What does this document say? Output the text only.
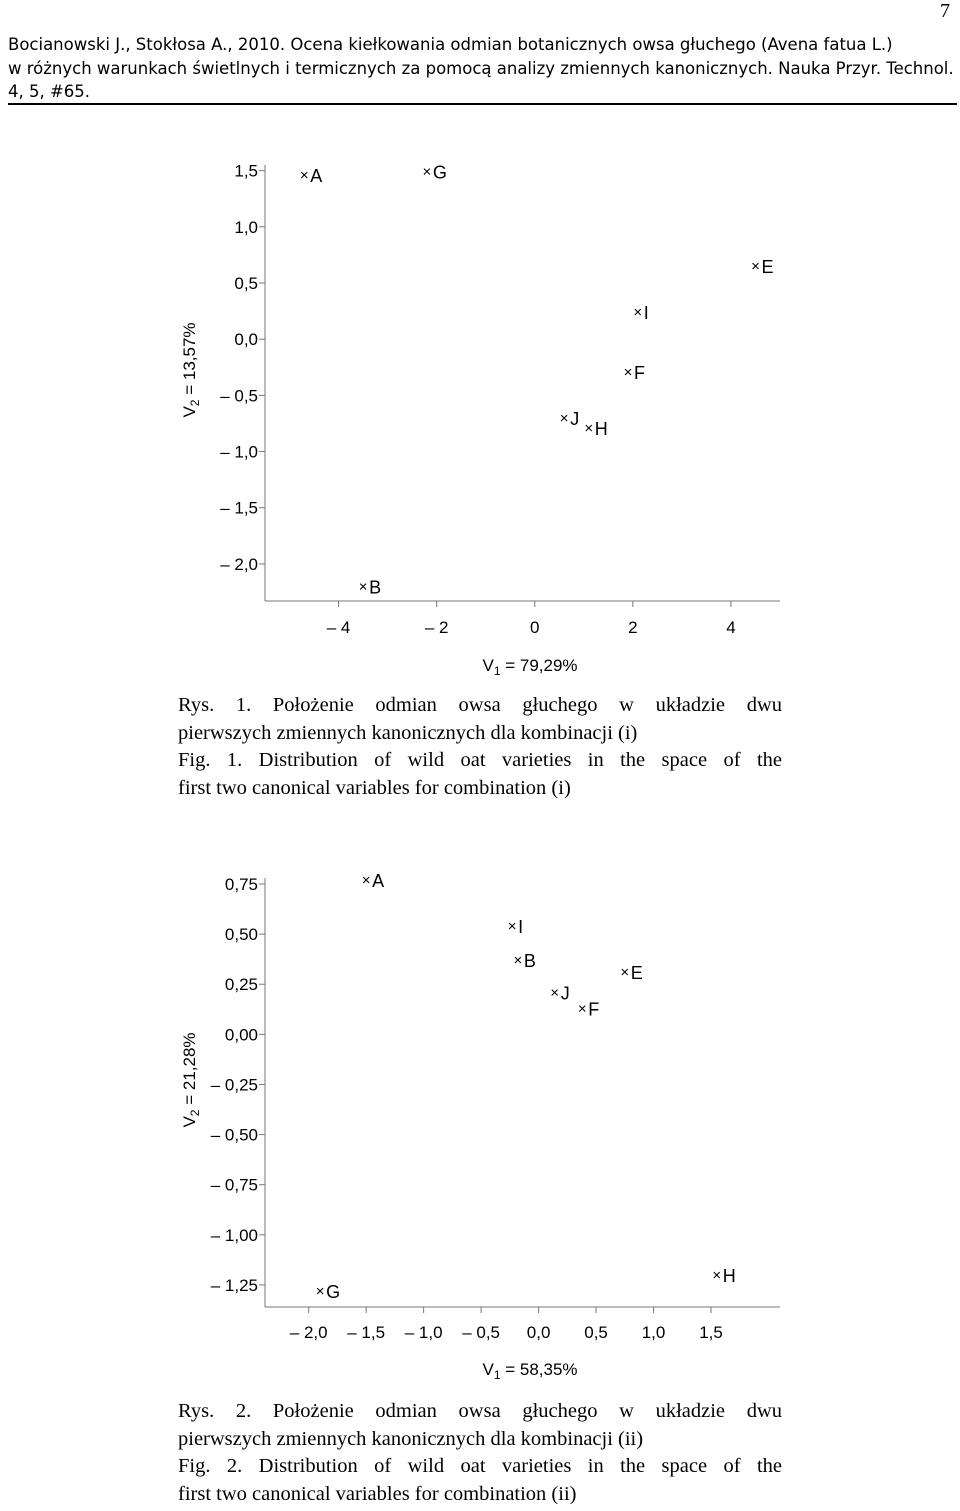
7
Bocianowski J., Stokłosa A., 2010. Ocena kiełkowania odmian botanicznych owsa głuchego (Avena fatua L.)
w różnych warunkach świetlnych i termicznych za pomocą analizy zmiennych kanonicznych. Nauka Przyr. Technol.
4, 5, #65.
1,5
1,0
0,5
0,0
– 0,5
– 1,0
– 1,5
– 2,0
– 4	– 2	0	2	4
$V_1 = 79,29\%$
$V_2 = 13,57\%$
× A	× G
× E
× I
× F
× J × H
× B
Rys. 1. Położenie odmian owsa głuchego w układzie dwu
pierwszych zmiennych kanonicznych dla kombinacji (i)
Fig. 1. Distribution of wild oat varieties in the space of the
first two canonical variables for combination (i)
0,75
0,50
0,25
0,00
– 0,25
– 0,50
– 0,75
– 1,00
– 1,25
– 2,0 – 1,5 – 1,0 – 0,5 0,0 0,5 1,0 1,5
$V_1 = 58,35\%$
$V_2 = 21,28\%$
× A
× I
× B
× E
× J
× F
× H
× G
Rys. 2. Położenie odmian owsa głuchego w układzie dwu
pierwszych zmiennych kanonicznych dla kombinacji (ii)
Fig. 2. Distribution of wild oat varieties in the space of the
first two canonical variables for combination (ii)
